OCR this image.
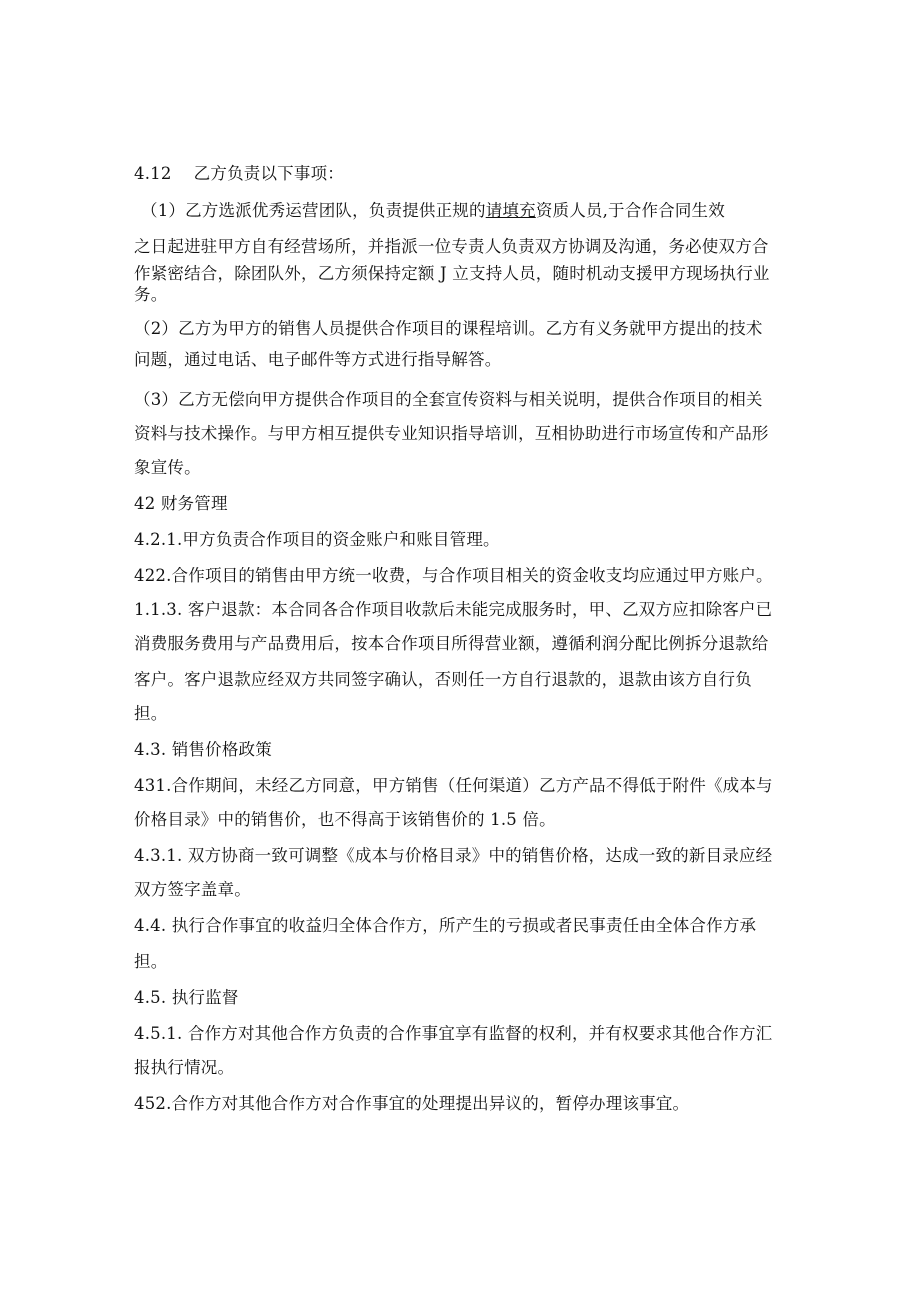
4.12　 乙方负责以下事项：
（1）乙方选派优秀运营团队，负责提供正规的请填充资质人员,于合作合同生效
之日起进驻甲方自有经营场所，并指派一位专责人负责双方协调及沟通，务必使双方合
作紧密结合，除团队外，乙方须保持定额 J 立支持人员，随时机动支援甲方现场执行业
务。
（2）乙方为甲方的销售人员提供合作项目的课程培训。乙方有义务就甲方提出的技术
问题，通过电话、电子邮件等方式进行指导解答。
（3）乙方无偿向甲方提供合作项目的全套宣传资料与相关说明，提供合作项目的相关
资料与技术操作。与甲方相互提供专业知识指导培训，互相协助进行市场宣传和产品形
象宣传。
42 财务管理
4.2.1.甲方负责合作项目的资金账户和账目管理。
422.合作项目的销售由甲方统一收费，与合作项目相关的资金收支均应通过甲方账户。
1.1.3. 客户退款：本合同各合作项目收款后未能完成服务时，甲、乙双方应扣除客户已
消费服务费用与产品费用后，按本合作项目所得营业额，遵循利润分配比例拆分退款给
客户。客户退款应经双方共同签字确认，否则任一方自行退款的，退款由该方自行负
担。
4.3. 销售价格政策
431.合作期间，未经乙方同意，甲方销售（任何渠道）乙方产品不得低于附件《成本与
价格目录》中的销售价，也不得高于该销售价的 1.5 倍。
4.3.1. 双方协商一致可调整《成本与价格目录》中的销售价格，达成一致的新目录应经
双方签字盖章。
4.4. 执行合作事宜的收益归全体合作方，所产生的亏损或者民事责任由全体合作方承
担。
4.5. 执行监督
4.5.1. 合作方对其他合作方负责的合作事宜享有监督的权利，并有权要求其他合作方汇
报执行情况。
452.合作方对其他合作方对合作事宜的处理提出异议的，暂停办理该事宜。
